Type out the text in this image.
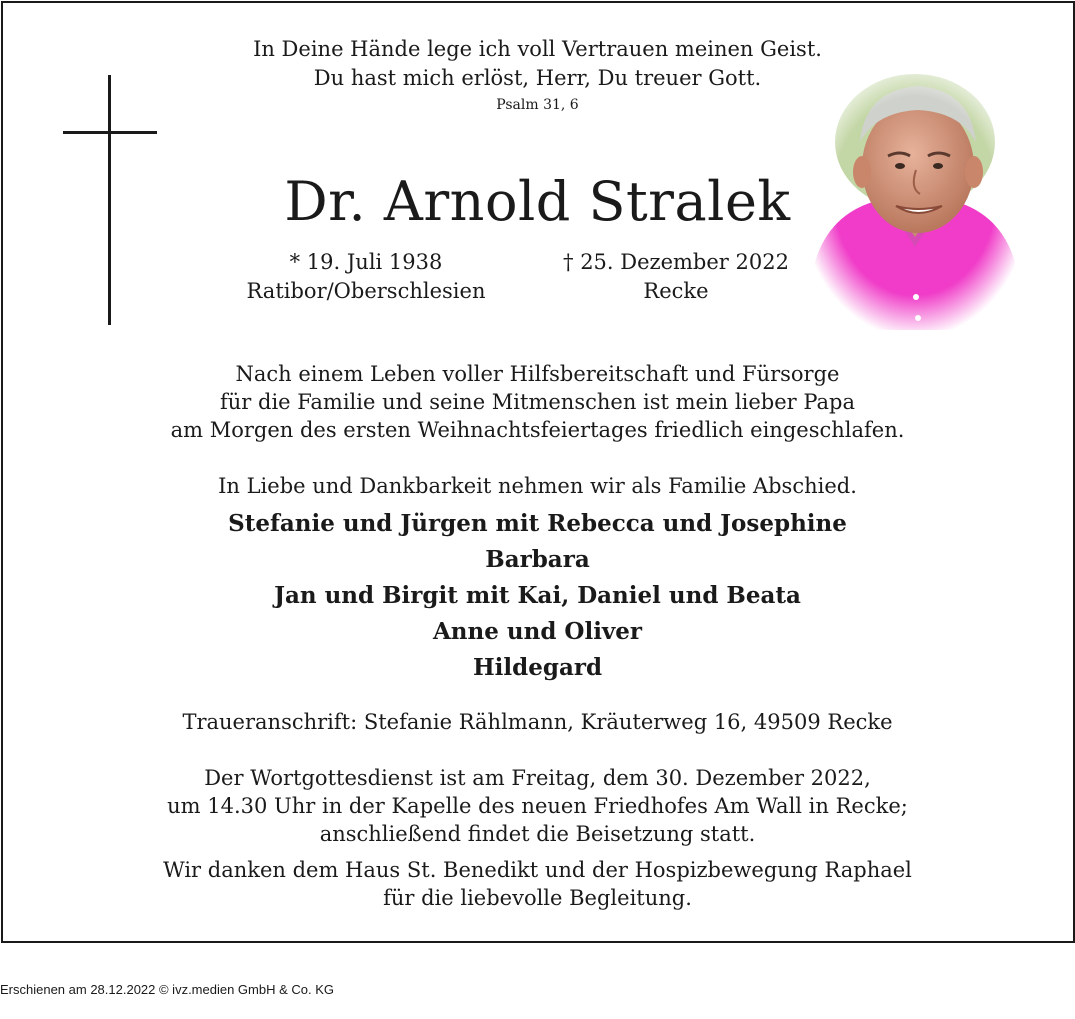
In Deine Hände lege ich voll Vertrauen meinen Geist.
Du hast mich erlöst, Herr, Du treuer Gott.
Psalm 31, 6
Dr. Arnold Stralek
* 19. Juli 1938
Ratibor/Oberschlesien
† 25. Dezember 2022
Recke
Nach einem Leben voller Hilfsbereitschaft und Fürsorge
für die Familie und seine Mitmenschen ist mein lieber Papa
am Morgen des ersten Weihnachtsfeiertages friedlich eingeschlafen.
In Liebe und Dankbarkeit nehmen wir als Familie Abschied.
Stefanie und Jürgen mit Rebecca und Josephine
Barbara
Jan und Birgit mit Kai, Daniel und Beata
Anne und Oliver
Hildegard
Traueranschrift: Stefanie Rählmann, Kräuterweg 16, 49509 Recke
Der Wortgottesdienst ist am Freitag, dem 30. Dezember 2022,
um 14.30 Uhr in der Kapelle des neuen Friedhofes Am Wall in Recke;
anschließend findet die Beisetzung statt.
Wir danken dem Haus St. Benedikt und der Hospizbewegung Raphael
für die liebevolle Begleitung.
Erschienen am 28.12.2022 © ivz.medien GmbH & Co. KG
